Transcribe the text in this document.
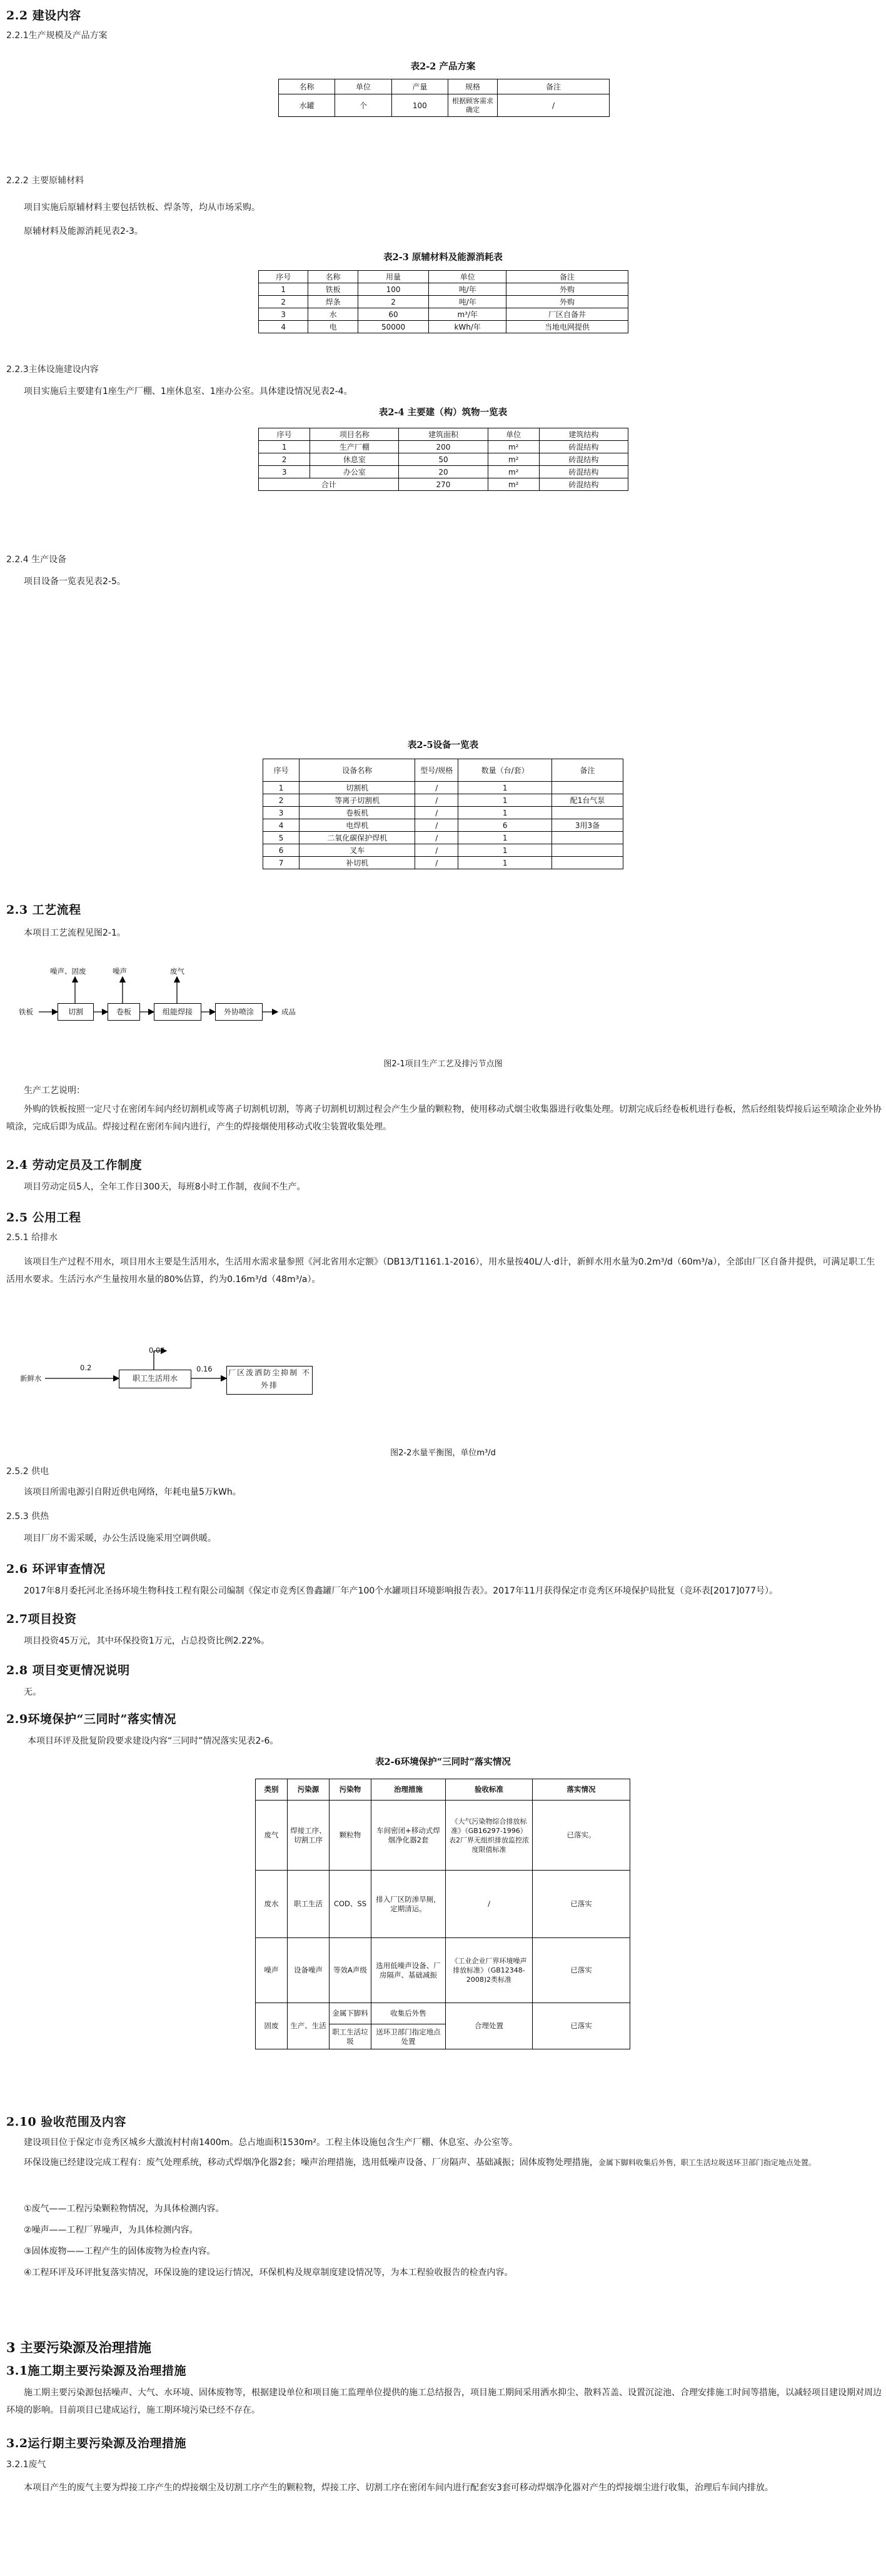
2.2 建设内容
2.2.1生产规模及产品方案
表2-2 产品方案
名称	单位	产量	规格	备注
水罐	个	100	根据顾客需求确定	/
2.2.2 主要原辅材料
项目实施后原辅材料主要包括铁板、焊条等，均从市场采购。
原辅材料及能源消耗见表2-3。
表2-3 原辅材料及能源消耗表
序号	名称	用量	单位	备注
1	铁板	100	吨/年	外购
2	焊条	2	吨/年	外购
3	水	60	m³/年	厂区自备井
4	电	50000	kWh/年	当地电网提供
2.2.3主体设施建设内容
项目实施后主要建有1座生产厂棚、1座休息室、1座办公室。具体建设情况见表2-4。
表2-4 主要建（构）筑物一览表
序号	项目名称	建筑面积	单位	建筑结构
1	生产厂棚	200	m²	砖混结构
2	休息室	50	m²	砖混结构
3	办公室	20	m²	砖混结构
合计		270	m²	砖混结构
2.2.4 生产设备
项目设备一览表见表2-5。
表2-5设备一览表
序号	设备名称	型号/规格	数量（台/套）	备注
1	切割机	/	1	
2	等离子切割机	/	1	配1台气泵
3	卷板机	/	1	
4	电焊机	/	6	3用3备
5	二氧化碳保护焊机	/	1	
6	叉车	/	1	
7	补切机	/	1	
2.3 工艺流程
本项目工艺流程见图2-1。
铁板	切割	卷板	组能焊接	外协喷涂	成品
噪声、固废	噪声	废气
图2-1项目生产工艺及排污节点图
生产工艺说明：
外购的铁板按照一定尺寸在密闭车间内经切割机或等离子切割机切割，等离子切割机切割过程会产生少量的颗粒物，使用移动式烟尘收集器进行收集处理。切割完成后经卷板机进行卷板，然后经组装焊接后运至喷涂企业外协喷涂，完成后即为成品。焊接过程在密闭车间内进行，产生的焊接烟使用移动式收尘装置收集处理。
2.4 劳动定员及工作制度
项目劳动定员5人，全年工作日300天，每班8小时工作制，夜间不生产。
2.5 公用工程
2.5.1 给排水
该项目生产过程不用水，项目用水主要是生活用水，生活用水需求量参照《河北省用水定额》（DB13/T1161.1-2016），用水量按40L/人·d计，新鲜水用水量为0.2m³/d（60m³/a），全部由厂区自备井提供，可满足职工生活用水要求。生活污水产生量按用水量的80%估算，约为0.16m³/d（48m³/a）。
新鲜水
0.2
职工生活用水
0.04
0.16 厂区泼洒防尘抑制 不外排
图2-2水量平衡图，单位m³/d
2.5.2 供电
该项目所需电源引自附近供电网络，年耗电量5万kWh。
2.5.3 供热
项目厂房不需采暖，办公生活设施采用空调供暖。
2.6 环评审查情况
2017年8月委托河北圣扬环境生物科技工程有限公司编制《保定市竞秀区鲁鑫罐厂年产100个水罐项目环境影响报告表》。2017年11月获得保定市竞秀区环境保护局批复（竞环表[2017]077号）。
2.7项目投资
项目投资45万元，其中环保投资1万元，占总投资比例2.22%。
2.8 项目变更情况说明
无。
2.9环境保护“三同时”落实情况
本项目环评及批复阶段要求建设内容“三同时”情况落实见表2-6。
表2-6环境保护“三同时”落实情况
类别	污染源	污染物	治理措施	验收标准	落实情况
废气	焊接工序、切割工序	颗粒物	车间密闭+移动式焊烟净化器2套	《大气污染物综合排放标准》（GB16297-1996）表2厂界无组织排放监控浓度限值标准	已落实。
废水	职工生活	COD、SS	排入厂区防渗旱厕，定期清运。	/	已落实
噪声	设备噪声	等效A声级	选用低噪声设备、厂房隔声、基础减振	《工业企业厂界环境噪声排放标准》（GB12348-2008)2类标准	已落实
固废	生产、生活	金属下脚料	收集后外售	合理处置	已落实
		职工生活垃圾	送环卫部门指定地点处置		
2.10 验收范围及内容
建设项目位于保定市竞秀区城乡大激流村村南1400m。总占地面积1530m²。工程主体设施包含生产厂棚、休息室、办公室等。
环保设施已经建设完成工程有：废气处理系统，移动式焊烟净化器2套；噪声治理措施，选用低噪声设备、厂房隔声、基础减振；固体废物处理措施，金属下脚料收集后外售，职工生活垃圾送环卫部门指定地点处置。
①废气——工程污染颗粒物情况，为具体检测内容。
②噪声——工程厂界噪声，为具体检测内容。
③固体废物——工程产生的固体废物为检查内容。
④工程环评及环评批复落实情况，环保设施的建设运行情况，环保机构及规章制度建设情况等，为本工程验收报告的检查内容。
3 主要污染源及治理措施
3.1施工期主要污染源及治理措施
施工期主要污染源包括噪声、大气、水环境、固体废物等，根据建设单位和项目施工监理单位提供的施工总结报告，项目施工期间采用洒水抑尘、散料苫盖、设置沉淀池、合理安排施工时间等措施，以减轻项目建设期对周边环境的影响。目前项目已建成运行，施工期环境污染已经不存在。
3.2运行期主要污染源及治理措施
3.2.1废气
本项目产生的废气主要为焊接工序产生的焊接烟尘及切割工序产生的颗粒物，焊接工序、切割工序在密闭车间内进行配套安3套可移动焊烟净化器对产生的焊接烟尘进行收集，治理后车间内排放。
